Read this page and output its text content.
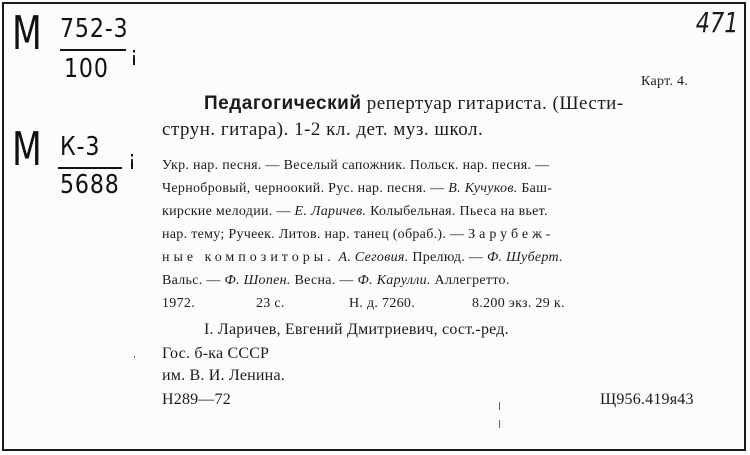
М 752-3
100 ¡
М К-3
5688
¡
471
Карт. 4.
Педагогический репертуар гитариста. (Шести-
струн. гитара). 1-2 кл. дет. муз. школ.
Укр. нар. песня. — Веселый сапожник. Польск. нар. песня. —
Чернобровый, черноокий. Рус. нар. песня. — В. Кучуков. Баш-
кирские мелодии. — Е. Ларичев. Колыбельная. Пьеса на вьет.
нар. тему; Ручеек. Литов. нар. танец (обраб.). — Зарубеж-
ные композиторы. А. Сеговия. Прелюд. — Ф. Шуберт.
Вальс. — Ф. Шопен. Весна. — Ф. Карулли. Аллегретто.
1972.	23 с.	Н. д. 7260.	8.200 экз. 29 к.
I. Ларичев, Евгений Дмитриевич, сост.-ред.
Гос. б-ка СССР
им. В. И. Ленина.
Н289—72	Щ956.419я43
